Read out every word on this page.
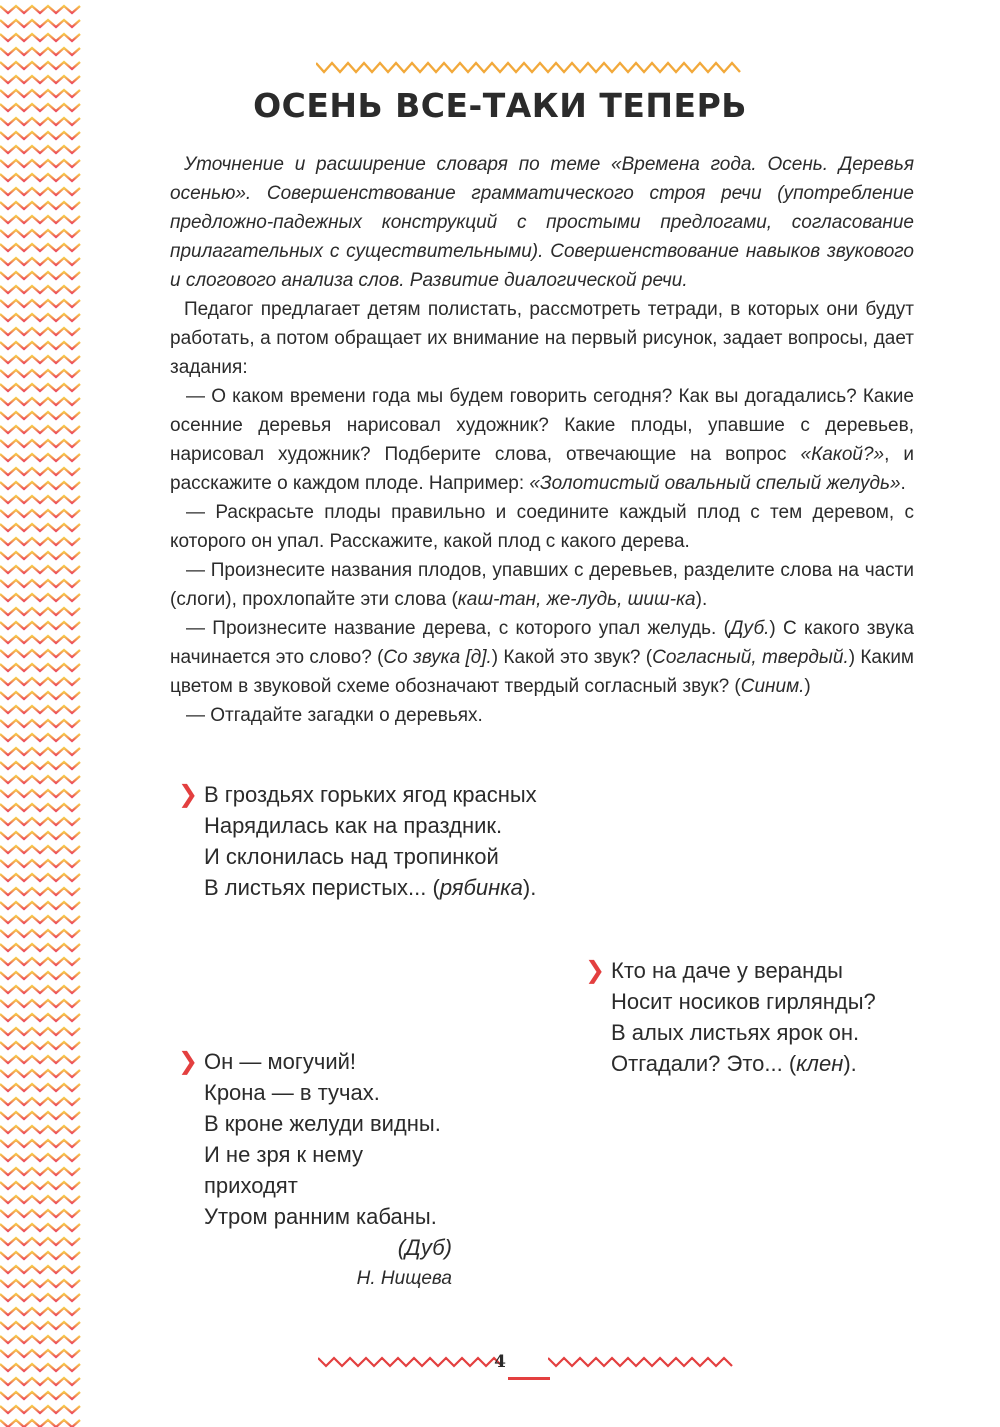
ОСЕНЬ ВСЕ-ТАКИ ТЕПЕРЬ

Уточнение и расширение словаря по теме «Времена года. Осень. Деревья осенью». Совершенствование грамматического строя речи (употребление предложно-падежных конструкций с простыми предлогами, согласование прилагательных с существительными). Совершенствование навыков звукового и слогового анализа слов. Развитие диалогической речи.

Педагог предлагает детям полистать, рассмотреть тетради, в которых они будут работать, а потом обращает их внимание на первый рисунок, задает вопросы, дает задания:

— О каком времени года мы будем говорить сегодня? Как вы догадались? Какие осенние деревья нарисовал художник? Какие плоды, упавшие с деревьев, нарисовал художник? Подберите слова, отвечающие на вопрос «Какой?», и расскажите о каждом плоде. Например: «Золотистый овальный спелый желудь».

— Раскрасьте плоды правильно и соедините каждый плод с тем деревом, с которого он упал. Расскажите, какой плод с какого дерева.

— Произнесите названия плодов, упавших с деревьев, разделите слова на части (слоги), прохлопайте эти слова (каш-тан, же-лудь, шиш-ка).

— Произнесите название дерева, с которого упал желудь. (Дуб.) С какого звука начинается это слово? (Со звука [д].) Какой это звук? (Согласный, твердый.) Каким цветом в звуковой схеме обозначают твердый согласный звук? (Синим.)

— Отгадайте загадки о деревьях.

❯ В гроздьях горьких ягод красных
Нарядилась как на праздник.
И склонилась над тропинкой
В листьях перистых... (рябинка).
❯ Кто на даче у веранды
Носит носиков гирлянды?
В алых листьях ярок он.
Отгадали? Это... (клен).
❯ Он — могучий!
Крона — в тучах.
В кроне желуди видны.
И не зря к нему приходят
Утром ранним кабаны.
(Дуб)
Н. Нищева
4
